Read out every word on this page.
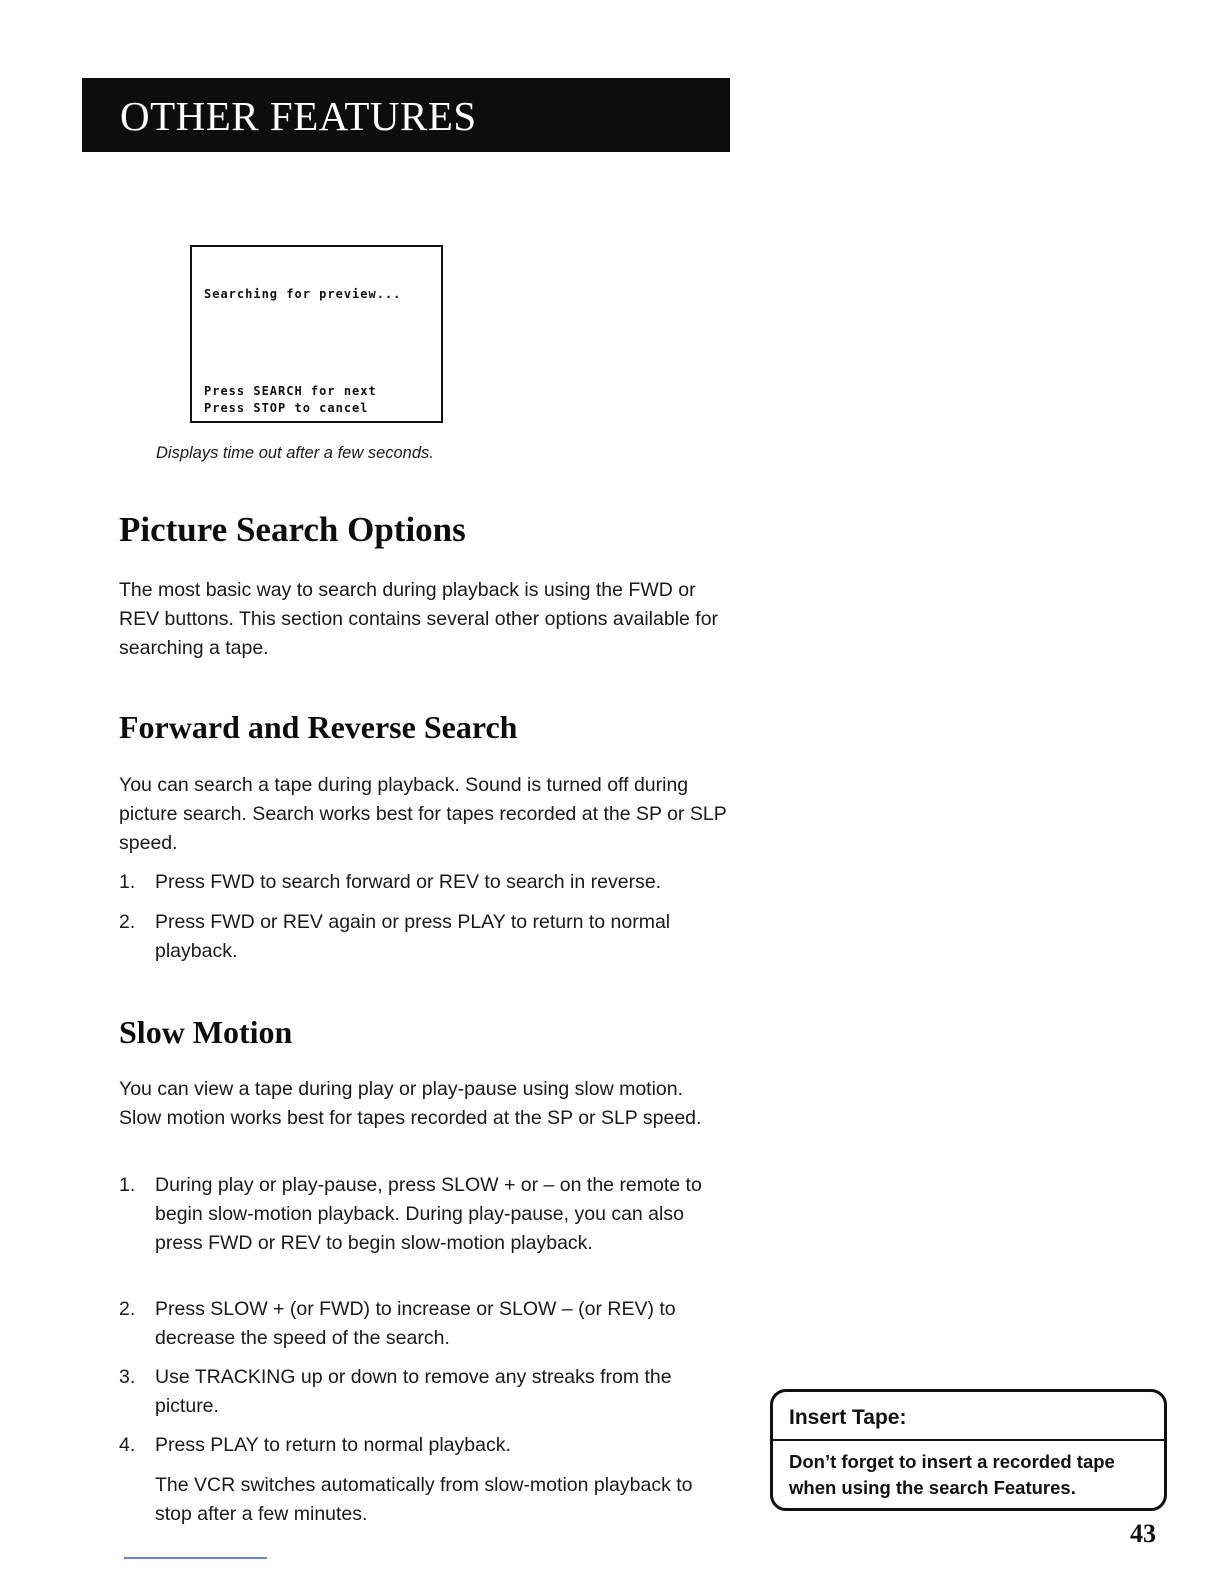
OTHER FEATURES
Searching for preview...
Press SEARCH for next
Press STOP to cancel
Displays time out after a few seconds.
Picture Search Options
The most basic way to search during playback is using the FWD or REV buttons. This section contains several other options available for searching a tape.
Forward and Reverse Search
You can search a tape during playback. Sound is turned off during picture search. Search works best for tapes recorded at the SP or SLP speed.
1.	Press FWD to search forward or REV to search in reverse.
2.	Press FWD or REV again or press PLAY to return to normal playback.
Slow Motion
You can view a tape during play or play-pause using slow motion. Slow motion works best for tapes recorded at the SP or SLP speed.
1.	During play or play-pause, press SLOW + or – on the remote to begin slow-motion playback. During play-pause, you can also press FWD or REV to begin slow-motion playback.
2.	Press SLOW + (or FWD) to increase or SLOW – (or REV) to decrease the speed of the search.
3.	Use TRACKING up or down to remove any streaks from the picture.
4.	Press PLAY to return to normal playback.
The VCR switches automatically from slow-motion playback to stop after a few minutes.
Insert Tape:
Don’t forget to insert a recorded tape when using the search Features.
43
